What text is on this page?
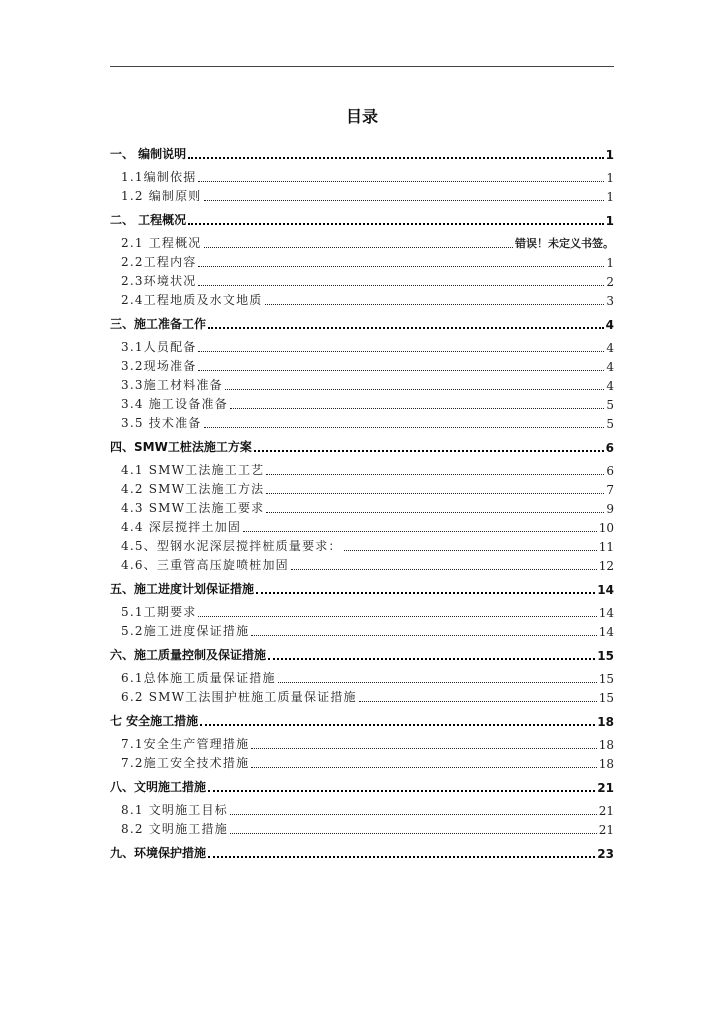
目录
一、 编制说明	1
1.1编制依据	1
1.2 编制原则	1
二、 工程概况	1
2.1 工程概况	错误！未定义书签。
2.2工程内容	1
2.3环境状况	2
2.4工程地质及水文地质	3
三、施工准备工作	4
3.1人员配备	4
3.2现场准备	4
3.3施工材料准备	4
3.4 施工设备准备	5
3.5 技术准备	5
四、SMW工桩法施工方案	6
4.1 SMW工法施工工艺	6
4.2 SMW工法施工方法	7
4.3 SMW工法施工要求	9
4.4 深层搅拌土加固	10
4.5、型钢水泥深层搅拌桩质量要求：	11
4.6、三重管高压旋喷桩加固	12
五、施工进度计划保证措施	14
5.1工期要求	14
5.2施工进度保证措施	14
六、施工质量控制及保证措施	15
6.1总体施工质量保证措施	15
6.2 SMW工法围护桩施工质量保证措施	15
七 安全施工措施	18
7.1安全生产管理措施	18
7.2施工安全技术措施	18
八、文明施工措施	21
8.1 文明施工目标	21
8.2 文明施工措施	21
九、环境保护措施	23
